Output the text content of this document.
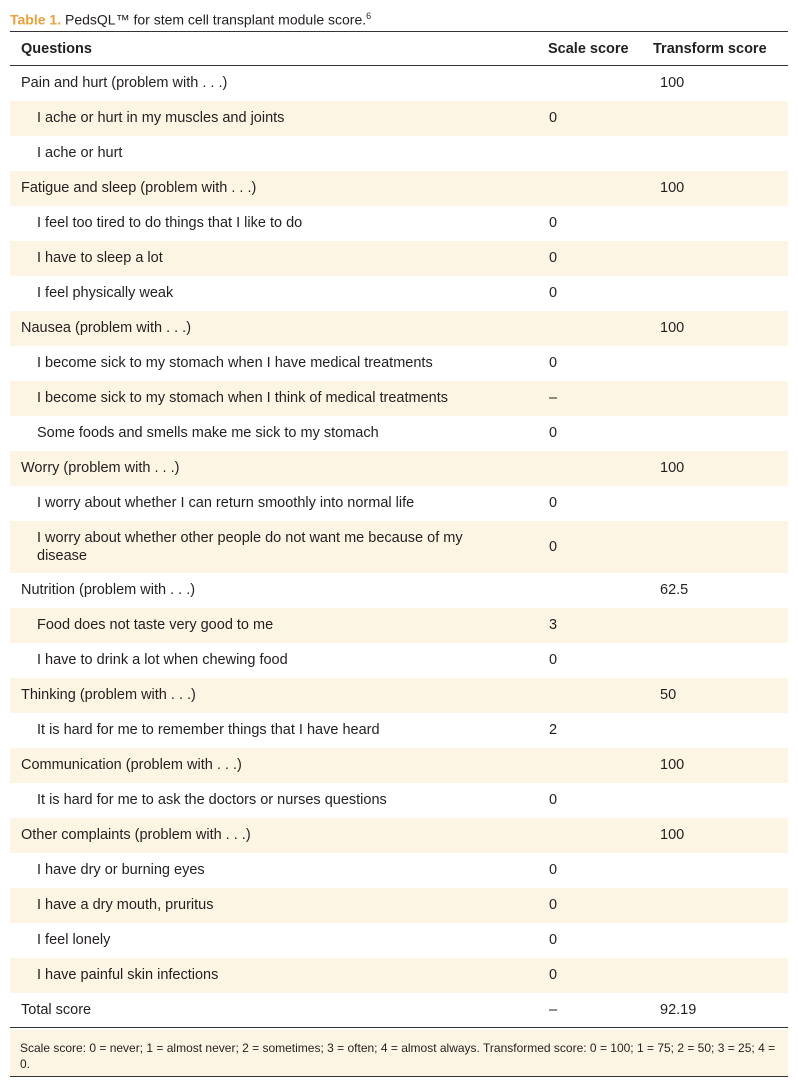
Table 1. PedsQL™ for stem cell transplant module score.$^6$
Questions	Scale score	Transform score
Pain and hurt (problem with . . .)		100
I ache or hurt in my muscles and joints	0	
I ache or hurt		
Fatigue and sleep (problem with . . .)		100
I feel too tired to do things that I like to do	0	
I have to sleep a lot	0	
I feel physically weak	0	
Nausea (problem with . . .)		100
I become sick to my stomach when I have medical treatments	0	
I become sick to my stomach when I think of medical treatments	–	
Some foods and smells make me sick to my stomach	0	
Worry (problem with . . .)		100
I worry about whether I can return smoothly into normal life	0	
I worry about whether other people do not want me because of my disease	0	
Nutrition (problem with . . .)		62.5
Food does not taste very good to me	3	
I have to drink a lot when chewing food	0	
Thinking (problem with . . .)		50
It is hard for me to remember things that I have heard	2	
Communication (problem with . . .)		100
It is hard for me to ask the doctors or nurses questions	0	
Other complaints (problem with . . .)		100
I have dry or burning eyes	0	
I have a dry mouth, pruritus	0	
I feel lonely	0	
I have painful skin infections	0	
Total score	–	92.19
Scale score: 0 = never; 1 = almost never; 2 = sometimes; 3 = often; 4 = almost always. Transformed score: 0 = 100; 1 = 75; 2 = 50; 3 = 25; 4 = 0.
